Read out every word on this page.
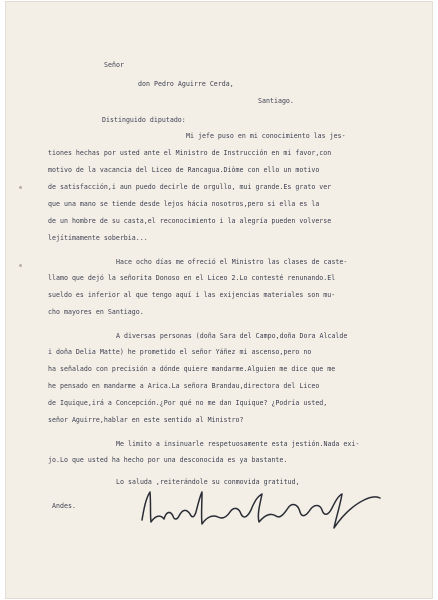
Señor
don Pedro Aguirre Cerda,
Santiago.
Distinguido diputado:
Mi jefe puso en mi conocimiento las jes-
tiones hechas por usted ante el Ministro de Instrucción en mi favor,con
motivo de la vacancia del Liceo de Rancagua.Diòme con ello un motivo
de satisfacción,i aun puedo decirle de orgullo, mui grande.Es grato ver
que una mano se tiende desde lejos hácia nosotros,pero si ella es la
de un hombre de su casta,el reconocimiento i la alegría pueden volverse
lejítimamente soberbia...
Hace ocho días me ofreció el Ministro las clases de caste-
llamo que dejó la señorita Donoso en el Liceo 2.Lo contesté renunando.El
sueldo es inferior al que tengo aquí i las exijencias materiales son mu-
cho mayores en Santiago.
A diversas personas (doña Sara del Campo,doña Dora Alcalde
i doña Delia Matte) he prometido el señor Yáñez mi ascenso,pero no
ha señalado con precisión a dónde quiere mandarme.Alguien me dice que me
he pensado en mandarme a Arica.La señora Brandau,directora del Liceo
de Iquique,irá a Concepción.¿Por qué no me dan Iquique? ¿Podría usted,
señor Aguirre,hablar en este sentido al Ministro?
Me limito a insinuarle respetuosamente esta jestión.Nada exi-
jo.Lo que usted ha hecho por una desconocida es ya bastante.
Lo saluda ,reiterándole su conmovida gratitud,
Andes.
